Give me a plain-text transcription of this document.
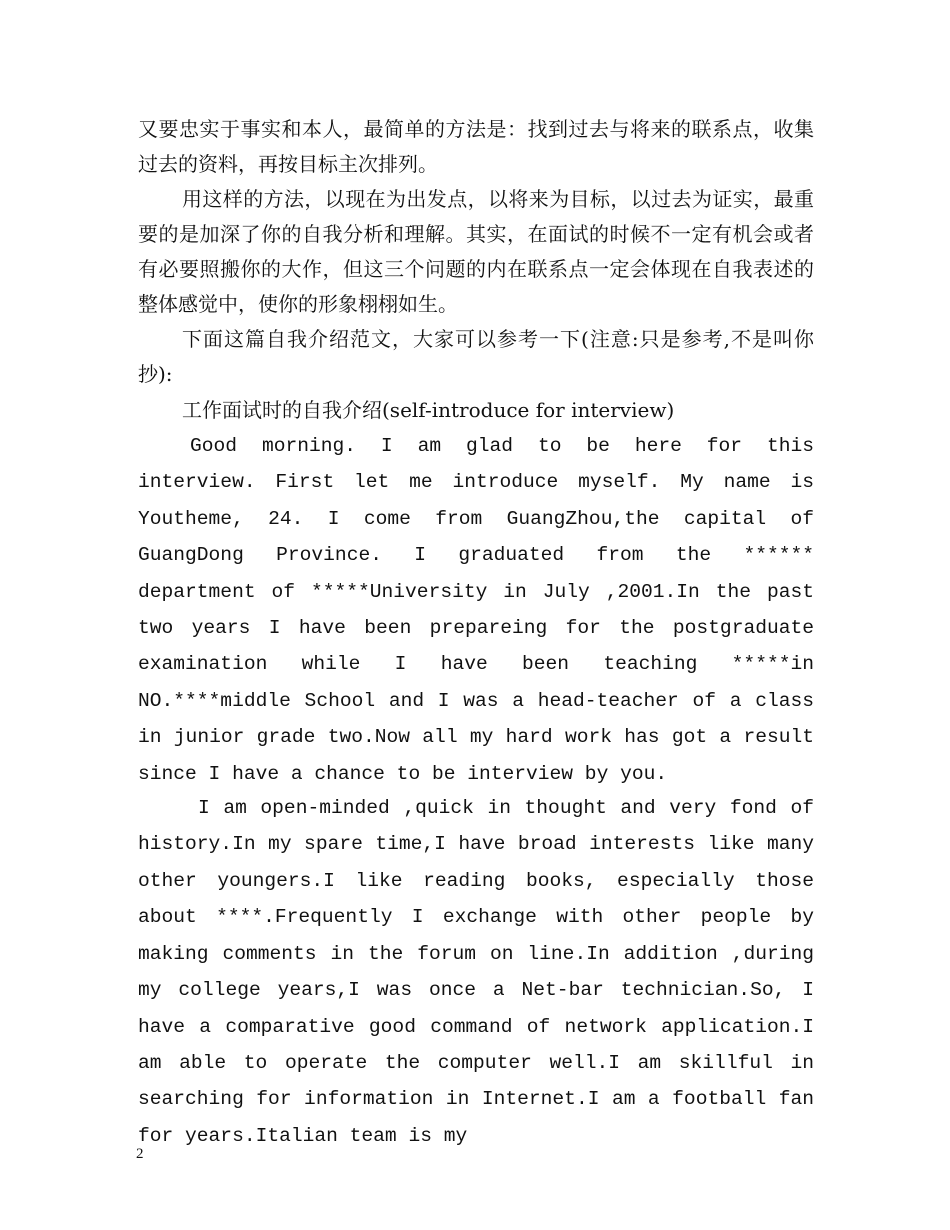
又要忠实于事实和本人，最简单的方法是：找到过去与将来的联系点，收集过去的资料，再按目标主次排列。

用这样的方法，以现在为出发点，以将来为目标，以过去为证实，最重要的是加深了你的自我分析和理解。其实，在面试的时候不一定有机会或者有必要照搬你的大作，但这三个问题的内在联系点一定会体现在自我表述的整体感觉中，使你的形象栩栩如生。

下面这篇自我介绍范文，大家可以参考一下(注意:只是参考,不是叫你抄):

工作面试时的自我介绍(self-introduce for interview)

Good morning. I am glad to be here for this interview. First let me introduce myself. My name is Youtheme, 24. I come from GuangZhou,the capital of GuangDong Province. I graduated from the ****** department of *****University in July ,2001.In the past two years I have been prepareing for the postgraduate examination while I have been teaching *****in NO.****middle School and I was a head-teacher of a class in junior grade two.Now all my hard work has got a result since I have a chance to be interview by you.

I am open-minded ,quick in thought and very fond of history.In my spare time,I have broad interests like many other youngers.I like reading books, especially those about ****.Frequently I exchange with other people by making comments in the forum on line.In addition ,during my college years,I was once a Net-bar technician.So, I have a comparative good command of network application.I am able to operate the computer well.I am skillful in searching for information in Internet.I am a football fan for years.Italian team is my

2
